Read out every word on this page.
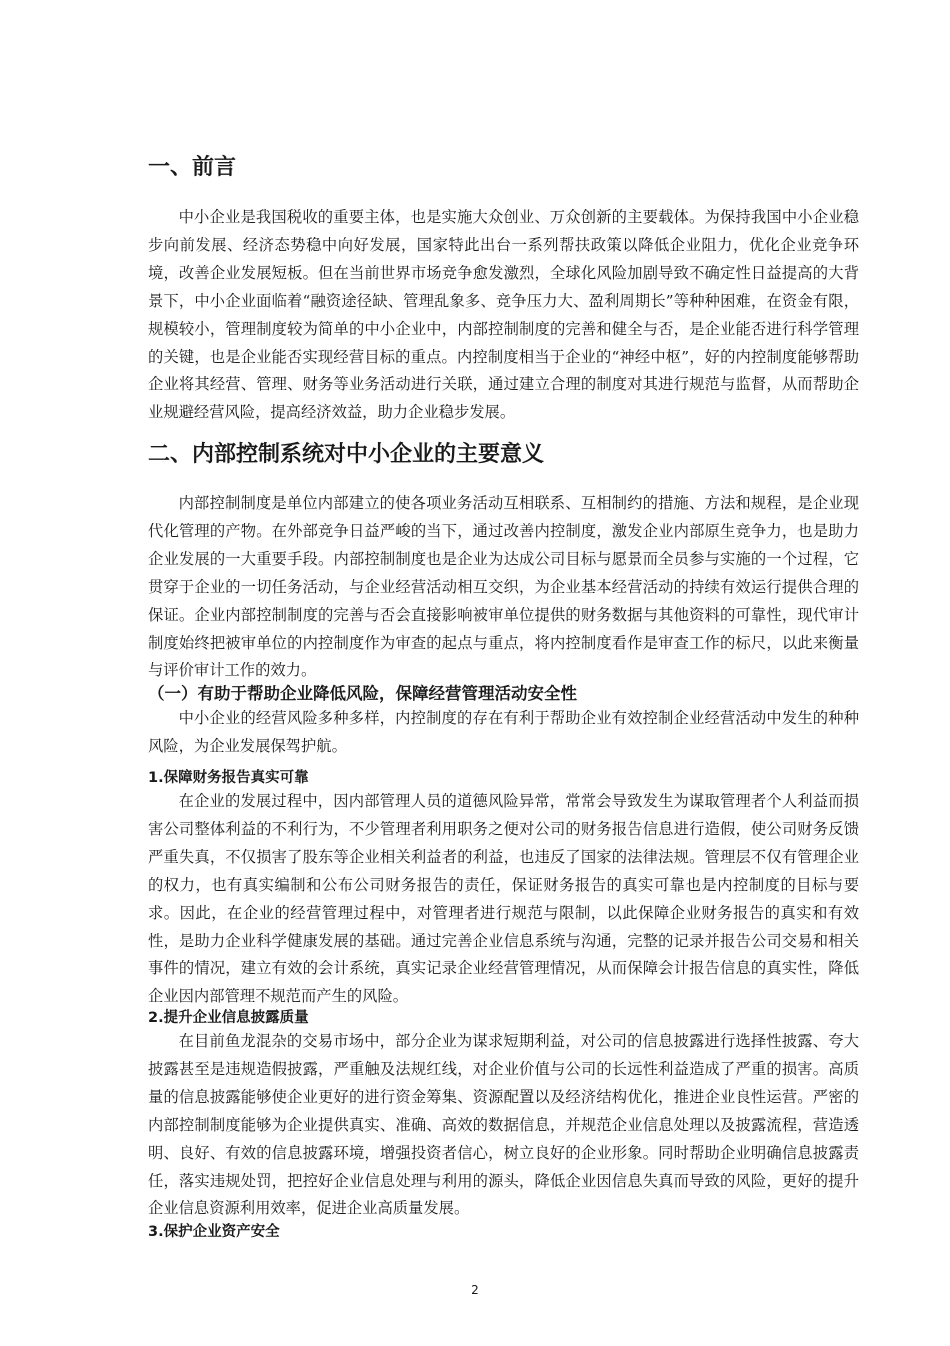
一、前言

中小企业是我国税收的重要主体，也是实施大众创业、万众创新的主要载体。为保持我国中小企业稳步向前发展、经济态势稳中向好发展，国家特此出台一系列帮扶政策以降低企业阻力，优化企业竞争环境，改善企业发展短板。但在当前世界市场竞争愈发激烈，全球化风险加剧导致不确定性日益提高的大背景下，中小企业面临着“融资途径缺、管理乱象多、竞争压力大、盈利周期长”等种种困难，在资金有限，规模较小，管理制度较为简单的中小企业中，内部控制制度的完善和健全与否，是企业能否进行科学管理的关键，也是企业能否实现经营目标的重点。内控制度相当于企业的“神经中枢”，好的内控制度能够帮助企业将其经营、管理、财务等业务活动进行关联，通过建立合理的制度对其进行规范与监督，从而帮助企业规避经营风险，提高经济效益，助力企业稳步发展。

二、内部控制系统对中小企业的主要意义

内部控制制度是单位内部建立的使各项业务活动互相联系、互相制约的措施、方法和规程，是企业现代化管理的产物。在外部竞争日益严峻的当下，通过改善内控制度，激发企业内部原生竞争力，也是助力企业发展的一大重要手段。内部控制制度也是企业为达成公司目标与愿景而全员参与实施的一个过程，它贯穿于企业的一切任务活动，与企业经营活动相互交织，为企业基本经营活动的持续有效运行提供合理的保证。企业内部控制制度的完善与否会直接影响被审单位提供的财务数据与其他资料的可靠性，现代审计制度始终把被审单位的内控制度作为审查的起点与重点，将内控制度看作是审查工作的标尺，以此来衡量与评价审计工作的效力。

（一）有助于帮助企业降低风险，保障经营管理活动安全性

中小企业的经营风险多种多样，内控制度的存在有利于帮助企业有效控制企业经营活动中发生的种种风险，为企业发展保驾护航。

1.保障财务报告真实可靠

在企业的发展过程中，因内部管理人员的道德风险异常，常常会导致发生为谋取管理者个人利益而损害公司整体利益的不利行为，不少管理者利用职务之便对公司的财务报告信息进行造假，使公司财务反馈严重失真，不仅损害了股东等企业相关利益者的利益，也违反了国家的法律法规。管理层不仅有管理企业的权力，也有真实编制和公布公司财务报告的责任，保证财务报告的真实可靠也是内控制度的目标与要求。因此，在企业的经营管理过程中，对管理者进行规范与限制，以此保障企业财务报告的真实和有效性，是助力企业科学健康发展的基础。通过完善企业信息系统与沟通，完整的记录并报告公司交易和相关事件的情况，建立有效的会计系统，真实记录企业经营管理情况，从而保障会计报告信息的真实性，降低企业因内部管理不规范而产生的风险。

2.提升企业信息披露质量

在目前鱼龙混杂的交易市场中，部分企业为谋求短期利益，对公司的信息披露进行选择性披露、夸大披露甚至是违规造假披露，严重触及法规红线，对企业价值与公司的长远性利益造成了严重的损害。高质量的信息披露能够使企业更好的进行资金筹集、资源配置以及经济结构优化，推进企业良性运营。严密的内部控制制度能够为企业提供真实、准确、高效的数据信息，并规范企业信息处理以及披露流程，营造透明、良好、有效的信息披露环境，增强投资者信心，树立良好的企业形象。同时帮助企业明确信息披露责任，落实违规处罚，把控好企业信息处理与利用的源头，降低企业因信息失真而导致的风险，更好的提升企业信息资源利用效率，促进企业高质量发展。

3.保护企业资产安全
2
